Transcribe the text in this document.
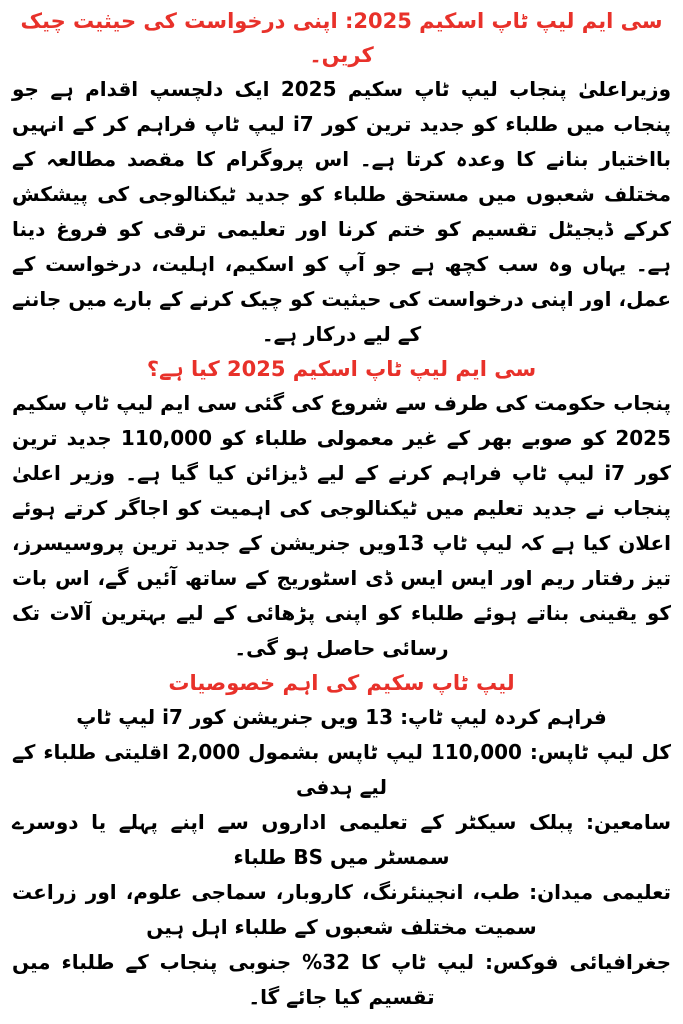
سی ایم لیپ ٹاپ اسکیم 2025: اپنی درخواست کی حیثیت چیک کریں۔

وزیراعلیٰ پنجاب لیپ ٹاپ سکیم 2025 ایک دلچسپ اقدام ہے جو پنجاب میں طلباء کو جدید ترین کور i7 لیپ ٹاپ فراہم کر کے انہیں بااختیار بنانے کا وعدہ کرتا ہے۔ اس پروگرام کا مقصد مطالعہ کے مختلف شعبوں میں مستحق طلباء کو جدید ٹیکنالوجی کی پیشکش کرکے ڈیجیٹل تقسیم کو ختم کرنا اور تعلیمی ترقی کو فروغ دینا ہے۔ یہاں وہ سب کچھ ہے جو آپ کو اسکیم، اہلیت، درخواست کے عمل، اور اپنی درخواست کی حیثیت کو چیک کرنے کے بارے میں جاننے کے لیے درکار ہے۔

سی ایم لیپ ٹاپ اسکیم 2025 کیا ہے؟

پنجاب حکومت کی طرف سے شروع کی گئی سی ایم لیپ ٹاپ سکیم 2025 کو صوبے بھر کے غیر معمولی طلباء کو 110,000 جدید ترین کور i7 لیپ ٹاپ فراہم کرنے کے لیے ڈیزائن کیا گیا ہے۔ وزیر اعلیٰ پنجاب نے جدید تعلیم میں ٹیکنالوجی کی اہمیت کو اجاگر کرتے ہوئے اعلان کیا ہے کہ لیپ ٹاپ 13ویں جنریشن کے جدید ترین پروسیسرز، تیز رفتار ریم اور ایس ایس ڈی اسٹوریج کے ساتھ آئیں گے، اس بات کو یقینی بناتے ہوئے طلباء کو اپنی پڑھائی کے لیے بہترین آلات تک رسائی حاصل ہو گی۔

لیپ ٹاپ سکیم کی اہم خصوصیات

فراہم کردہ لیپ ٹاپ: 13 ویں جنریشن کور i7 لیپ ٹاپ

کل لیپ ٹاپس: 110,000 لیپ ٹاپس بشمول 2,000 اقلیتی طلباء کے لیے ہدفی

سامعین: پبلک سیکٹر کے تعلیمی اداروں سے اپنے پہلے یا دوسرے سمسٹر میں BS طلباء

تعلیمی میدان: طب، انجینئرنگ، کاروبار، سماجی علوم، اور زراعت سمیت مختلف شعبوں کے طلباء اہل ہیں

جغرافیائی فوکس: لیپ ٹاپ کا 32% جنوبی پنجاب کے طلباء میں تقسیم کیا جائے گا۔
